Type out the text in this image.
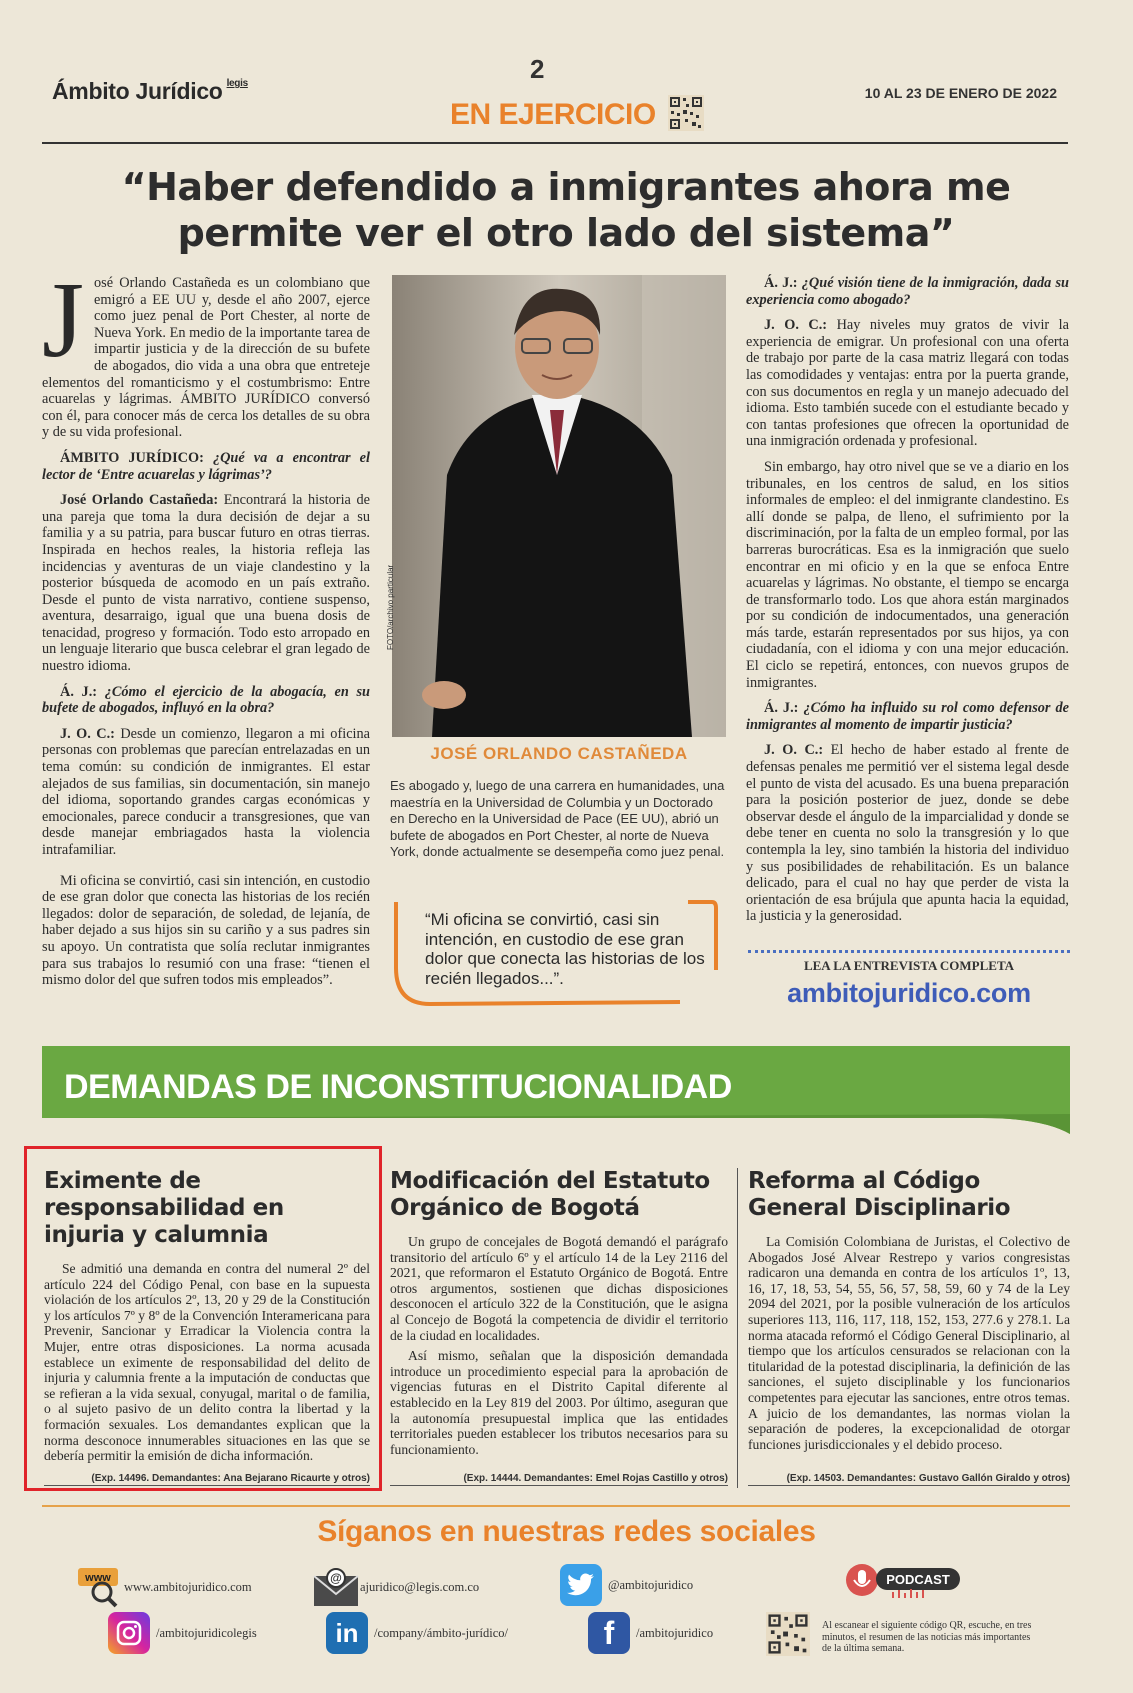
Ámbito Jurídico $^{legis}$	2
EN EJERCICIO
10 AL 23 DE ENERO DE 2022
“Haber defendido a inmigrantes ahora me
permite ver el otro lado del sistema”

José Orlando Castañeda es un colombiano que emigró a EE UU y, desde el año 2007, ejerce como juez penal de Port Chester, al norte de Nueva York. En medio de la importante tarea de impartir justicia y de la dirección de su bufete de abogados, dio vida a una obra que entreteje elementos del romanticismo y el costumbrismo: Entre acuarelas y lágrimas. ÁMBITO JURÍDICO conversó con él, para conocer más de cerca los detalles de su obra y de su vida profesional.

ÁMBITO JURÍDICO: ¿Qué va a encontrar el lector de ‘Entre acuarelas y lágrimas’?

José Orlando Castañeda: Encontrará la historia de una pareja que toma la dura decisión de dejar a su familia y a su patria, para buscar futuro en otras tierras. Inspirada en hechos reales, la historia refleja las incidencias y aventuras de un viaje clandestino y la posterior búsqueda de acomodo en un país extraño. Desde el punto de vista narrativo, contiene suspenso, aventura, desarraigo, igual que una buena dosis de tenacidad, progreso y formación. Todo esto arropado en un lenguaje literario que busca celebrar el gran legado de nuestro idioma.

Á. J.: ¿Cómo el ejercicio de la abogacía, en su bufete de abogados, influyó en la obra?

J. O. C.: Desde un comienzo, llegaron a mi oficina personas con problemas que parecían entrelazadas en un tema común: su condición de inmigrantes. El estar alejados de sus familias, sin documentación, sin manejo del idioma, soportando grandes cargas económicas y emocionales, parece conducir a transgresiones, que van desde manejar embriagados hasta la violencia intrafamiliar.

Mi oficina se convirtió, casi sin intención, en custodio de ese gran dolor que conecta las historias de los recién llegados: dolor de separación, de soledad, de lejanía, de haber dejado a sus hijos sin su cariño y a sus padres sin su apoyo. Un contratista que solía reclutar inmigrantes para sus trabajos lo resumió con una frase: “tienen el mismo dolor del que sufren todos mis empleados”.

FOTO/archivo particular
JOSÉ ORLANDO CASTAÑEDA
Es abogado y, luego de una carrera en humanidades, una maestría en la Universidad de Columbia y un Doctorado en Derecho en la Universidad de Pace (EE UU), abrió un bufete de abogados en Port Chester, al norte de Nueva York, donde actualmente se desempeña como juez penal.
“Mi oficina se convirtió, casi sin intención, en custodio de ese gran dolor que conecta las historias de los recién llegados...”.

Á. J.: ¿Qué visión tiene de la inmigración, dada su experiencia como abogado?

J. O. C.: Hay niveles muy gratos de vivir la experiencia de emigrar. Un profesional con una oferta de trabajo por parte de la casa matriz llegará con todas las comodidades y ventajas: entra por la puerta grande, con sus documentos en regla y un manejo adecuado del idioma. Esto también sucede con el estudiante becado y con tantas profesiones que ofrecen la oportunidad de una inmigración ordenada y profesional.

Sin embargo, hay otro nivel que se ve a diario en los tribunales, en los centros de salud, en los sitios informales de empleo: el del inmigrante clandestino. Es allí donde se palpa, de lleno, el sufrimiento por la discriminación, por la falta de un empleo formal, por las barreras burocráticas. Esa es la inmigración que suelo encontrar en mi oficio y en la que se enfoca Entre acuarelas y lágrimas. No obstante, el tiempo se encarga de transformarlo todo. Los que ahora están marginados por su condición de indocumentados, una generación más tarde, estarán representados por sus hijos, ya con ciudadanía, con el idioma y con una mejor educación. El ciclo se repetirá, entonces, con nuevos grupos de inmigrantes.

Á. J.: ¿Cómo ha influido su rol como defensor de inmigrantes al momento de impartir justicia?

J. O. C.: El hecho de haber estado al frente de defensas penales me permitió ver el sistema legal desde el punto de vista del acusado. Es una buena preparación para la posición posterior de juez, donde se debe observar desde el ángulo de la imparcialidad y donde se debe tener en cuenta no solo la transgresión y lo que contempla la ley, sino también la historia del individuo y sus posibilidades de rehabilitación. Es un balance delicado, para el cual no hay que perder de vista la orientación de esa brújula que apunta hacia la equidad, la justicia y la generosidad.

LEA LA ENTREVISTA COMPLETA
ambitojuridico.com
DEMANDAS DE INCONSTITUCIONALIDAD
Eximente de responsabilidad en injuria y calumnia

Se admitió una demanda en contra del numeral 2º del artículo 224 del Código Penal, con base en la supuesta violación de los artículos 2º, 13, 20 y 29 de la Constitución y los artículos 7º y 8º de la Convención Interamericana para Prevenir, Sancionar y Erradicar la Violencia contra la Mujer, entre otras disposiciones. La norma acusada establece un eximente de responsabilidad del delito de injuria y calumnia frente a la imputación de conductas que se refieran a la vida sexual, conyugal, marital o de familia, o al sujeto pasivo de un delito contra la libertad y la formación sexuales. Los demandantes explican que la norma desconoce innumerables situaciones en las que se debería permitir la emisión de dicha información.

(Exp. 14496. Demandantes: Ana Bejarano Ricaurte y otros)
Modificación del Estatuto Orgánico de Bogotá

Un grupo de concejales de Bogotá demandó el parágrafo transitorio del artículo 6º y el artículo 14 de la Ley 2116 del 2021, que reformaron el Estatuto Orgánico de Bogotá. Entre otros argumentos, sostienen que dichas disposiciones desconocen el artículo 322 de la Constitución, que le asigna al Concejo de Bogotá la competencia de dividir el territorio de la ciudad en localidades.

Así mismo, señalan que la disposición demandada introduce un procedimiento especial para la aprobación de vigencias futuras en el Distrito Capital diferente al establecido en la Ley 819 del 2003. Por último, aseguran que la autonomía presupuestal implica que las entidades territoriales pueden establecer los tributos necesarios para su funcionamiento.

(Exp. 14444. Demandantes: Emel Rojas Castillo y otros)
Reforma al Código General Disciplinario

La Comisión Colombiana de Juristas, el Colectivo de Abogados José Alvear Restrepo y varios congresistas radicaron una demanda en contra de los artículos 1º, 13, 16, 17, 18, 53, 54, 55, 56, 57, 58, 59, 60 y 74 de la Ley 2094 del 2021, por la posible vulneración de los artículos superiores 113, 116, 117, 118, 152, 153, 277.6 y 278.1. La norma atacada reformó el Código General Disciplinario, al tiempo que los artículos censurados se relacionan con la titularidad de la potestad disciplinaria, la definición de las sanciones, el sujeto disciplinable y los funcionarios competentes para ejecutar las sanciones, entre otros temas. A juicio de los demandantes, las normas violan la separación de poderes, la excepcionalidad de otorgar funciones jurisdiccionales y el debido proceso.

(Exp. 14503. Demandantes: Gustavo Gallón Giraldo y otros)
Síganos en nuestras redes sociales
www
www.ambitojuridico.com
@
ajuridico@legis.com.co	@ambitojuridico	PODCAST
/ambitojuridicolegis	in	/company/ámbito-jurídico/	f	/ambitojuridico	Al escanear el siguiente código QR, escuche, en tres minutos, el resumen de las noticias más importantes de la última semana.
